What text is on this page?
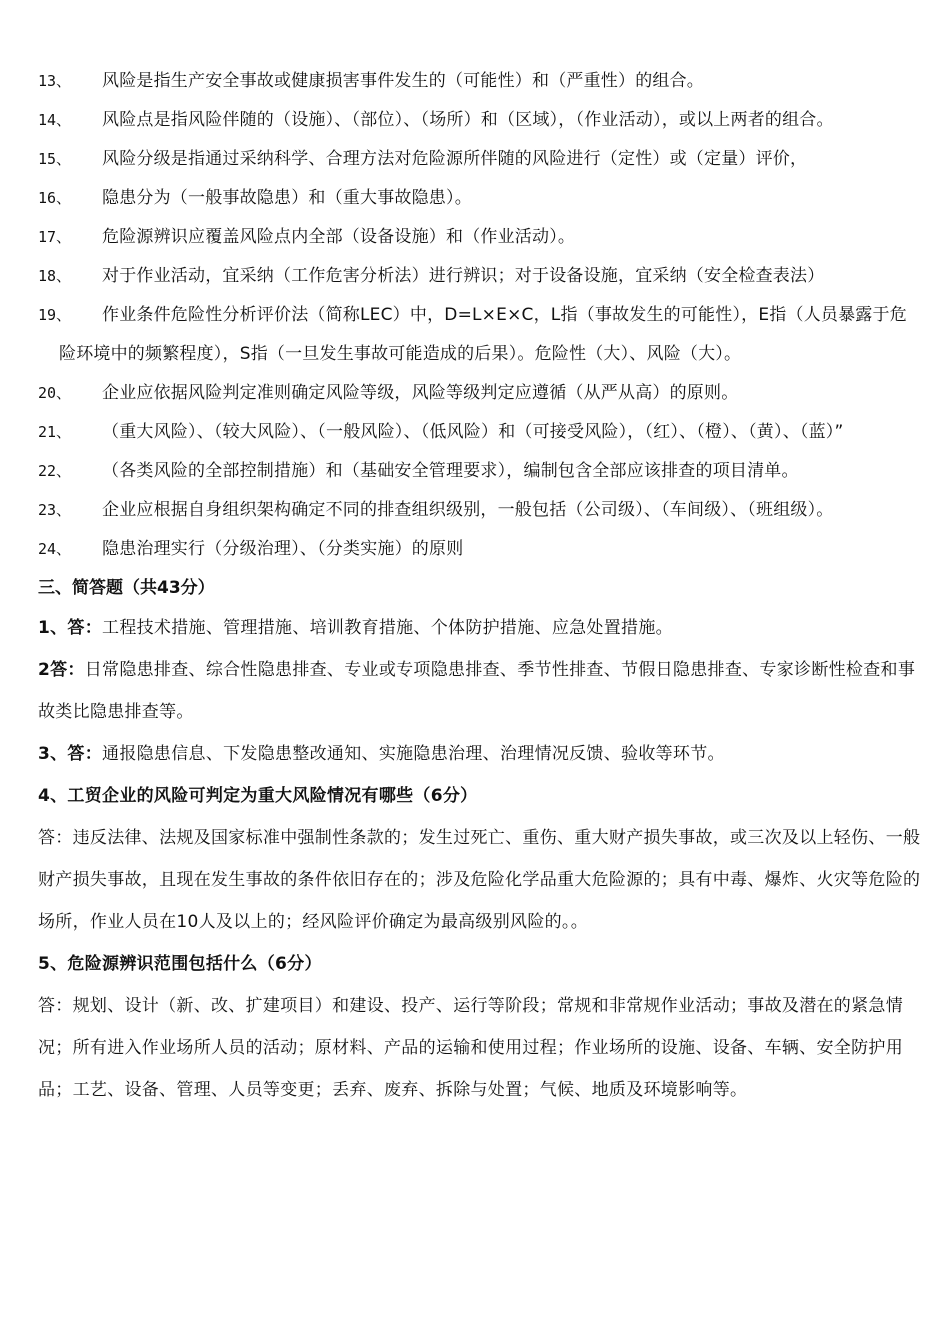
13、	风险是指生产安全事故或健康损害事件发生的（可能性）和（严重性）的组合。
14、	风险点是指风险伴随的（设施）、（部位）、（场所）和（区域），（作业活动），或以上两者的组合。
15、	风险分级是指通过采纳科学、合理方法对危险源所伴随的风险进行（定性）或（定量）评价，
16、	隐患分为（一般事故隐患）和（重大事故隐患）。
17、	危险源辨识应覆盖风险点内全部（设备设施）和（作业活动）。
18、	对于作业活动，宜采纳（工作危害分析法）进行辨识；对于设备设施，宜采纳（安全检查表法）
19、	作业条件危险性分析评价法（简称LEC）中，D=L×E×C，L指（事故发生的可能性），E指（人员暴露于危险环境中的频繁程度），S指（一旦发生事故可能造成的后果）。危险性（大）、风险（大）。
20、	企业应依据风险判定准则确定风险等级，风险等级判定应遵循（从严从高）的原则。
21、	（重大风险）、（较大风险）、（一般风险）、（低风险）和（可接受风险），（红）、（橙）、（黄）、（蓝）”
22、	（各类风险的全部控制措施）和（基础安全管理要求），编制包含全部应该排查的项目清单。
23、	企业应根据自身组织架构确定不同的排查组织级别，一般包括（公司级）、（车间级）、（班组级）。
24、	隐患治理实行（分级治理）、（分类实施）的原则
三、简答题（共43分）
1、答：工程技术措施、管理措施、培训教育措施、个体防护措施、应急处置措施。
2答：日常隐患排查、综合性隐患排查、专业或专项隐患排查、季节性排查、节假日隐患排查、专家诊断性检查和事故类比隐患排查等。
3、答：通报隐患信息、下发隐患整改通知、实施隐患治理、治理情况反馈、验收等环节。
4、工贸企业的风险可判定为重大风险情况有哪些（6分）
答：违反法律、法规及国家标准中强制性条款的；发生过死亡、重伤、重大财产损失事故，或三次及以上轻伤、一般财产损失事故，且现在发生事故的条件依旧存在的；涉及危险化学品重大危险源的；具有中毒、爆炸、火灾等危险的场所，作业人员在10人及以上的；经风险评价确定为最高级别风险的。。
5、危险源辨识范围包括什么（6分）
答：规划、设计（新、改、扩建项目）和建设、投产、运行等阶段；常规和非常规作业活动；事故及潜在的紧急情况；所有进入作业场所人员的活动；原材料、产品的运输和使用过程；作业场所的设施、设备、车辆、安全防护用品；工艺、设备、管理、人员等变更；丢弃、废弃、拆除与处置；气候、地质及环境影响等。
